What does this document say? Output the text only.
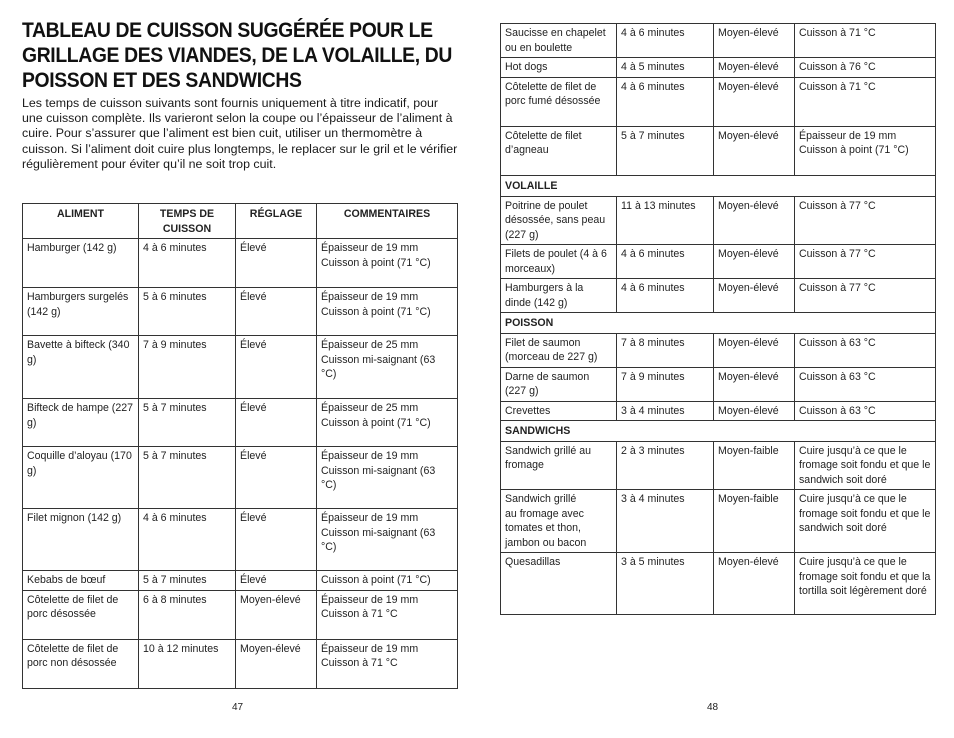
TABLEAU DE CUISSON SUGGÉRÉE POUR LE GRILLAGE DES VIANDES, DE LA VOLAILLE, DU POISSON ET DES SANDWICHS

Les temps de cuisson suivants sont fournis uniquement à titre indicatif, pour une cuisson complète. Ils varieront selon la coupe ou l’épaisseur de l’aliment à cuire. Pour s’assurer que l’aliment est bien cuit, utiliser un thermomètre à cuisson. Si l’aliment doit cuire plus longtemps, le replacer sur le gril et le vérifier régulièrement pour éviter qu’il ne soit trop cuit.

ALIMENT	TEMPS DE CUISSON	RÉGLAGE	COMMENTAIRES
Hamburger (142 g)	4 à 6 minutes	Élevé	Épaisseur de 19 mm
Cuisson à point (71 °C)
Hamburgers surgelés (142 g)	5 à 6 minutes	Élevé	Épaisseur de 19 mm
Cuisson à point (71 °C)
Bavette à bifteck (340 g)	7 à 9 minutes	Élevé	Épaisseur de 25 mm
Cuisson mi-saignant (63 °C)
Bifteck de hampe (227 g)	5 à 7 minutes	Élevé	Épaisseur de 25 mm
Cuisson à point (71 °C)
Coquille d’aloyau (170 g)	5 à 7 minutes	Élevé	Épaisseur de 19 mm
Cuisson mi-saignant (63 °C)
Filet mignon (142 g)	4 à 6 minutes	Élevé	Épaisseur de 19 mm
Cuisson mi-saignant (63 °C)
Kebabs de bœuf	5 à 7 minutes	Élevé	Cuisson à point (71 °C)
Côtelette de filet de porc désossée	6 à 8 minutes	Moyen-élevé	Épaisseur de 19 mm
Cuisson à 71 °C
Côtelette de filet de porc non désossée	10 à 12 minutes	Moyen-élevé	Épaisseur de 19 mm
Cuisson à 71 °C
Saucisse en chapelet ou en boulette	4 à 6 minutes	Moyen-élevé	Cuisson à 71 °C
Hot dogs	4 à 5 minutes	Moyen-élevé	Cuisson à 76 °C
Côtelette de filet de porc fumé désossée	4 à 6 minutes	Moyen-élevé	Cuisson à 71 °C
Côtelette de filet d’agneau	5 à 7 minutes	Moyen-élevé	Épaisseur de 19 mm
Cuisson à point (71 °C)
VOLAILLE			
Poitrine de poulet désossée, sans peau (227 g)	11 à 13 minutes	Moyen-élevé	Cuisson à 77 °C
Filets de poulet (4 à 6 morceaux)	4 à 6 minutes	Moyen-élevé	Cuisson à 77 °C
Hamburgers à la dinde (142 g)	4 à 6 minutes	Moyen-élevé	Cuisson à 77 °C
POISSON			
Filet de saumon (morceau de 227 g)	7 à 8 minutes	Moyen-élevé	Cuisson à 63 °C
Darne de saumon (227 g)	7 à 9 minutes	Moyen-élevé	Cuisson à 63 °C
Crevettes	3 à 4 minutes	Moyen-élevé	Cuisson à 63 °C
SANDWICHS			
Sandwich grillé au fromage	2 à 3 minutes	Moyen-faible	Cuire jusqu’à ce que le fromage soit fondu et que le sandwich soit doré
Sandwich grillé
au fromage avec tomates et thon, jambon ou bacon	3 à 4 minutes	Moyen-faible	Cuire jusqu’à ce que le fromage soit fondu et que le sandwich soit doré
Quesadillas	3 à 5 minutes	Moyen-élevé	Cuire jusqu’à ce que le fromage soit fondu et que la tortilla soit légèrement doré
47	48
